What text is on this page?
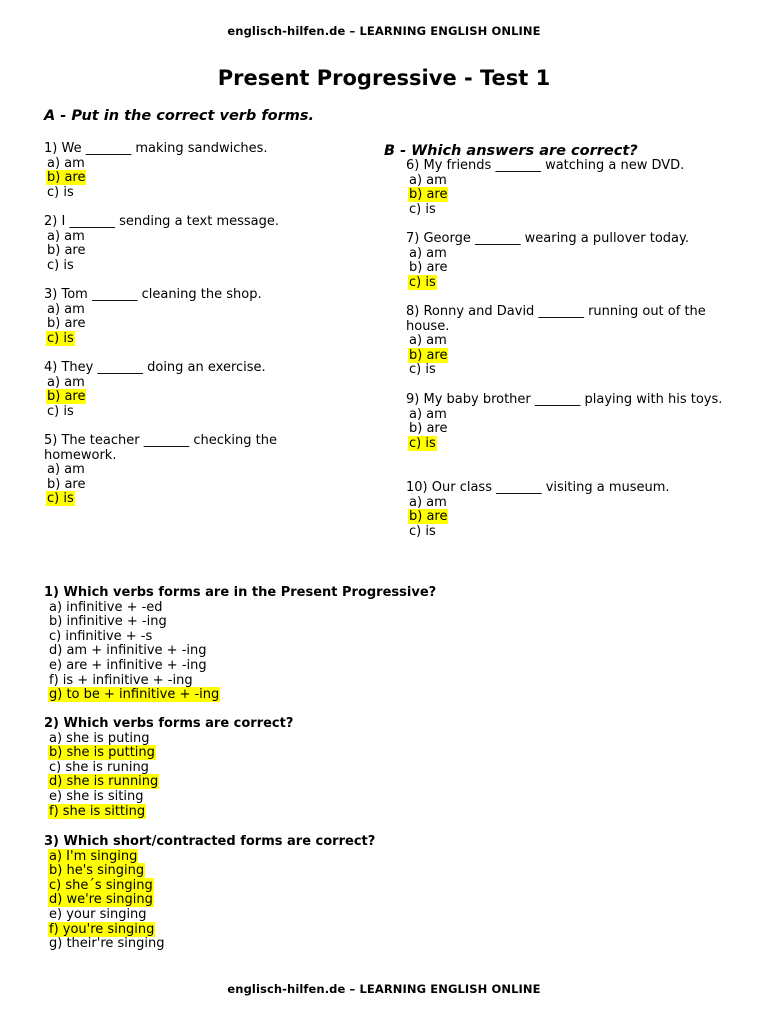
englisch-hilfen.de – LEARNING ENGLISH ONLINE
Present Progressive - Test 1
A - Put in the correct verb forms.
B - Which answers are correct?
1) We _______ making sandwiches.
a) am
b) are
c) is
2) I _______ sending a text message.
a) am
b) are
c) is
3) Tom _______ cleaning the shop.
a) am
b) are
c) is
4) They _______ doing an exercise.
a) am
b) are
c) is
5) The teacher _______ checking the homework.
a) am
b) are
c) is
6) My friends _______ watching a new DVD.
a) am
b) are
c) is
7) George _______ wearing a pullover today.
a) am
b) are
c) is
8) Ronny and David _______ running out of the house.
a) am
b) are
c) is
9) My baby brother _______ playing with his toys.
a) am
b) are
c) is
10) Our class _______ visiting a museum.
a) am
b) are
c) is
1) Which verbs forms are in the Present Progressive?
a) infinitive + -ed
b) infinitive + -ing
c) infinitive + -s
d) am + infinitive + -ing
e) are + infinitive + -ing
f) is + infinitive + -ing
g) to be + infinitive + -ing
2) Which verbs forms are correct?
a) she is puting
b) she is putting
c) she is runing
d) she is running
e) she is siting
f) she is sitting
3) Which short/contracted forms are correct?
a) I'm singing
b) he's singing
c) she´s singing
d) we're singing
e) your singing
f) you're singing
g) their're singing
englisch-hilfen.de – LEARNING ENGLISH ONLINE
